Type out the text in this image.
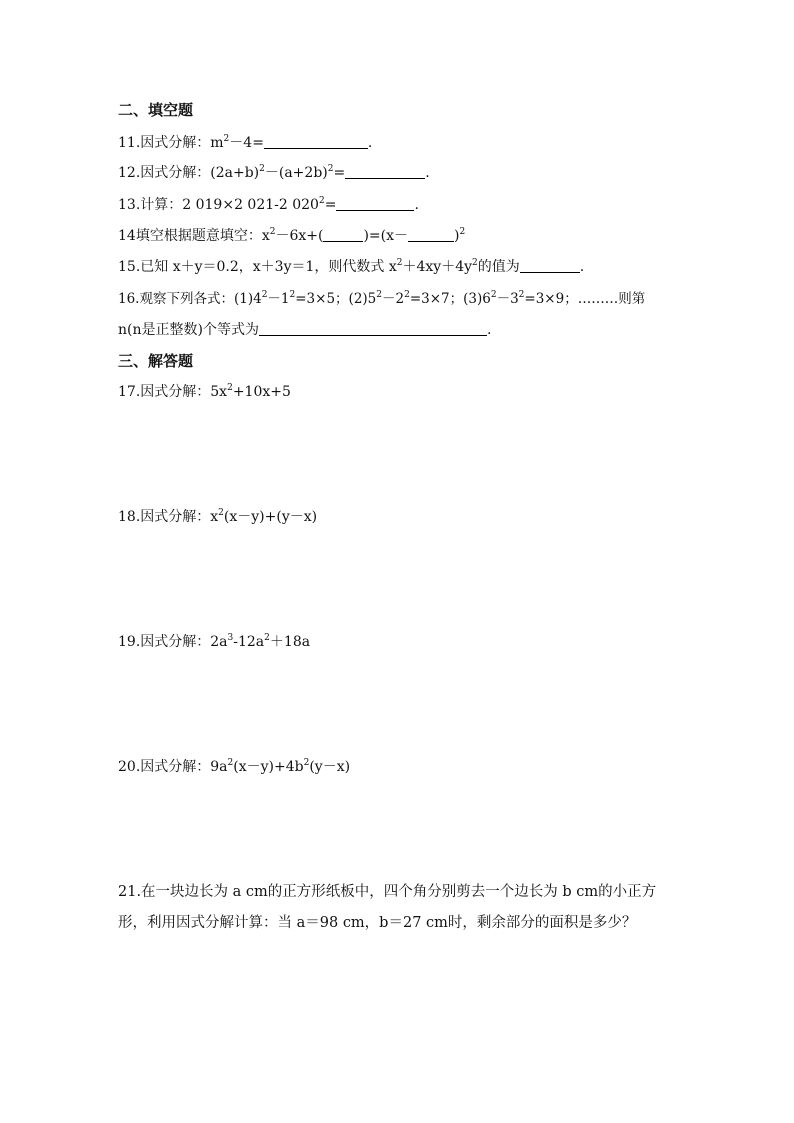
二、填空题
11.因式分解：$m^2-4=$	.
12.因式分解：$(2a+b)^2-(a+2b)^2=$	.
13.计算：2 019×2 021-2 $020^2=$	.
14填空根据题意填空：$x^2-6x+$(	)=(x－	)$^2$
15.已知 x＋y＝0.2，x＋3y＝1，则代数式 $x^2+4xy+4y^2$的值为	.
16.观察下列各式：$(1)4^2-1^2=3\times 5$；$(2)5^2-2^2=3\times 7$；$(3)6^2-3^2=3\times 9$；………则第
n(n是正整数)个等式为	.
三、解答题
17.因式分解：$5x^2+10x+5$
18.因式分解：$x^2(x-y)+(y-x)$
19.因式分解：$2a^3-12a^2+18a$
20.因式分解：$9a^2(x-y)+4b^2(y-x)$
21.在一块边长为 a cm的正方形纸板中，四个角分别剪去一个边长为 b cm的小正方
形，利用因式分解计算：当 a＝98 cm，b＝27 cm时，剩余部分的面积是多少？
